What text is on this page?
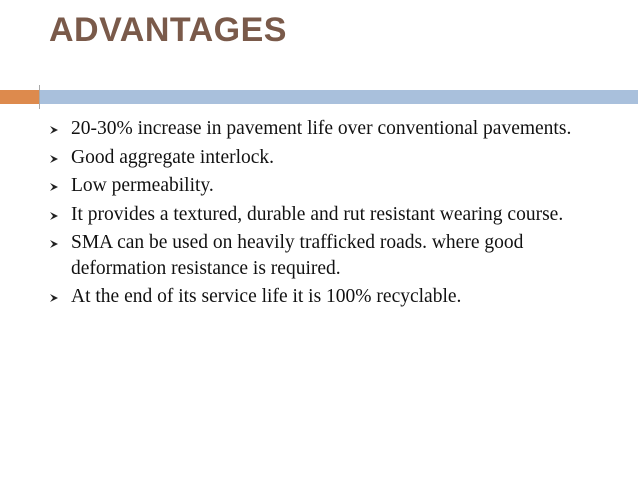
ADVANTAGES
20-30% increase in pavement life over conventional pavements.
Good aggregate interlock.
Low permeability.
It provides a textured, durable and rut resistant wearing course.
SMA can be used on heavily trafficked roads. where good deformation resistance is required.
At the end of its service life it is 100% recyclable.
